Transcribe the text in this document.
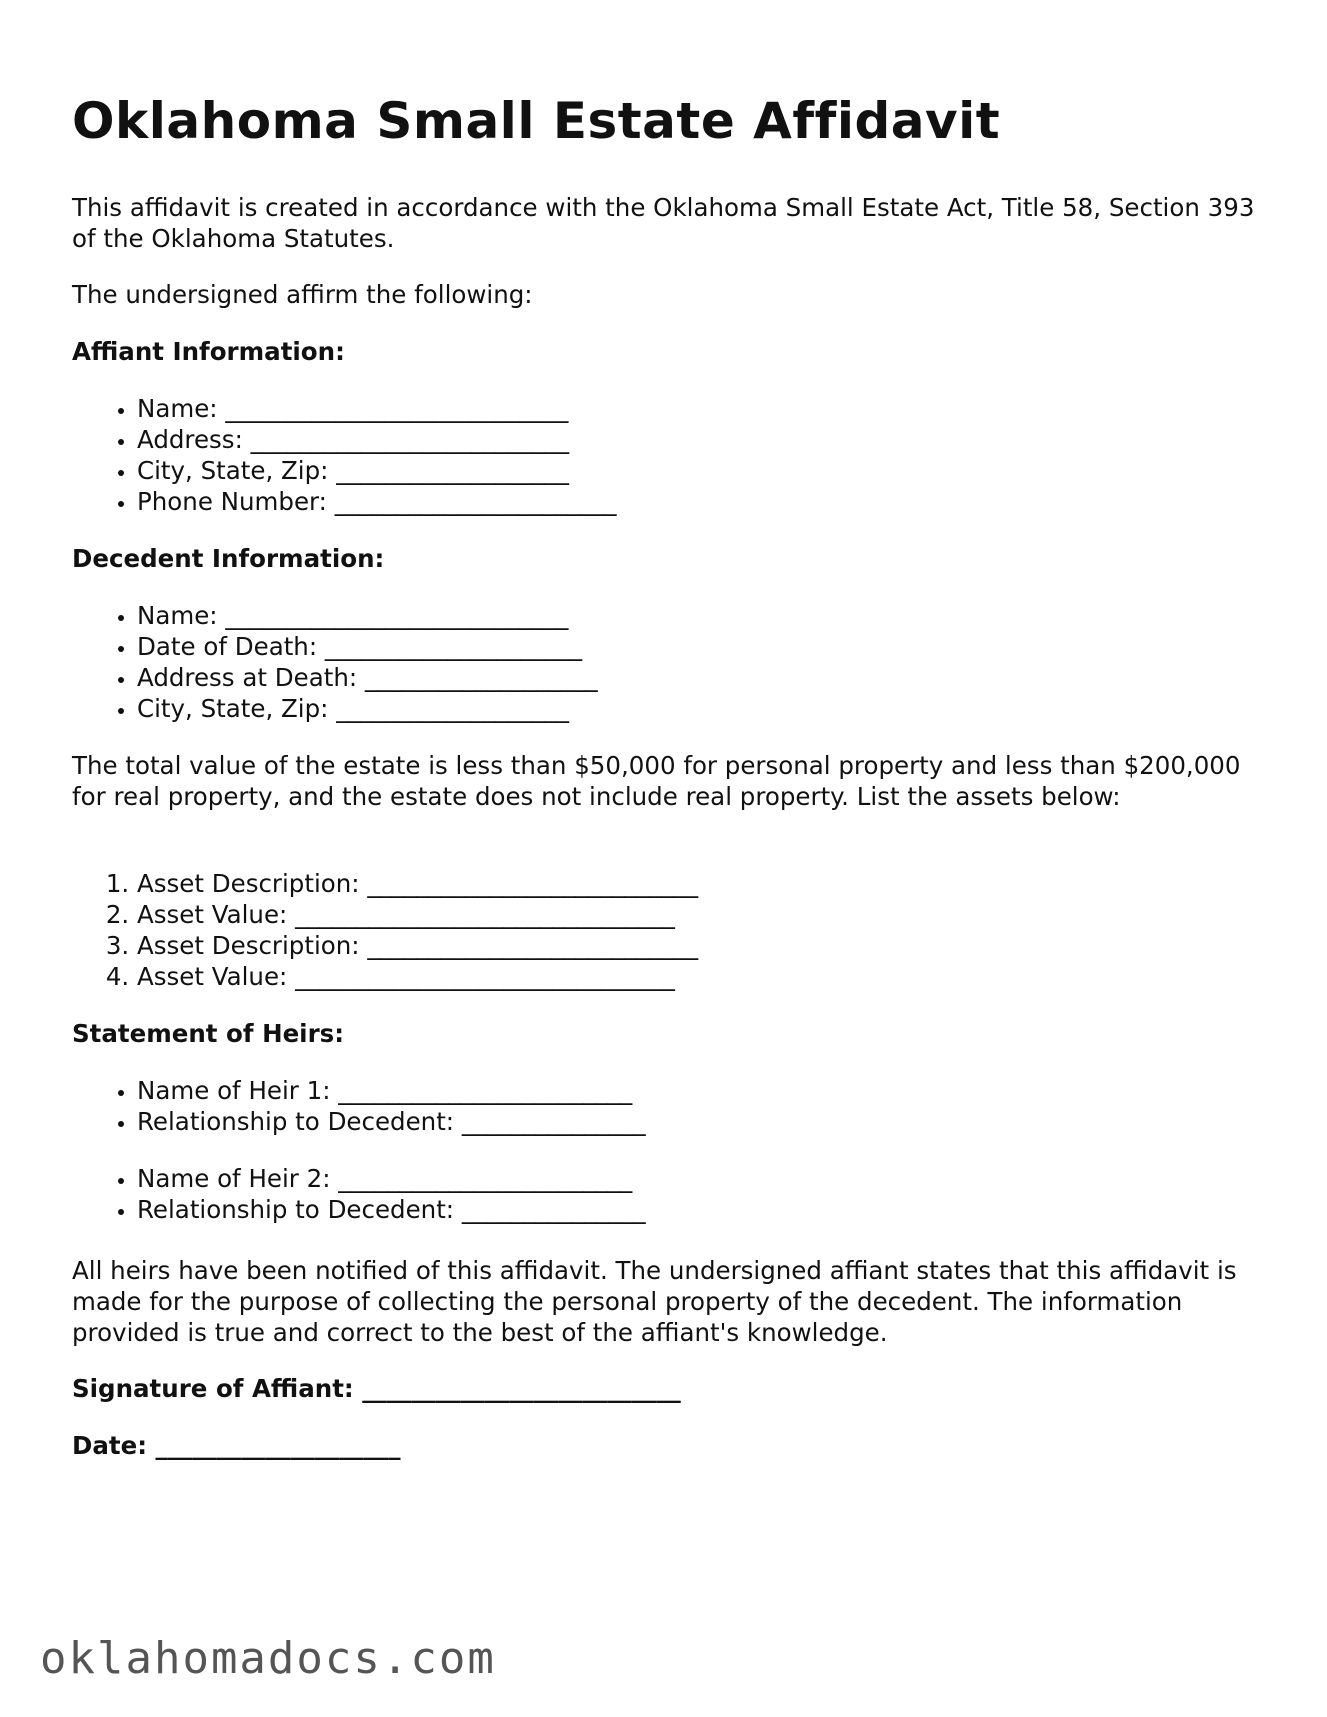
Oklahoma Small Estate Affidavit

This affidavit is created in accordance with the Oklahoma Small Estate Act, Title 58, Section 393 of the Oklahoma Statutes.

The undersigned affirm the following:

Affiant Information:

• Name: ____________________________
• Address: __________________________
• City, State, Zip: ___________________
• Phone Number: _______________________

Decedent Information:

• Name: ____________________________
• Date of Death: _____________________
• Address at Death: ___________________
• City, State, Zip: ___________________

The total value of the estate is less than $50,000 for personal property and less than $200,000 for real property, and the estate does not include real property. List the assets below:

1. Asset Description: ___________________________
2. Asset Value: _______________________________
3. Asset Description: ___________________________
4. Asset Value: _______________________________

Statement of Heirs:

• Name of Heir 1: ________________________
• Relationship to Decedent: _______________
• Name of Heir 2: ________________________
• Relationship to Decedent: _______________

All heirs have been notified of this affidavit. The undersigned affiant states that this affidavit is made for the purpose of collecting the personal property of the decedent. The information provided is true and correct to the best of the affiant's knowledge.

Signature of Affiant: __________________________

Date: ____________________

oklahomadocs.com
